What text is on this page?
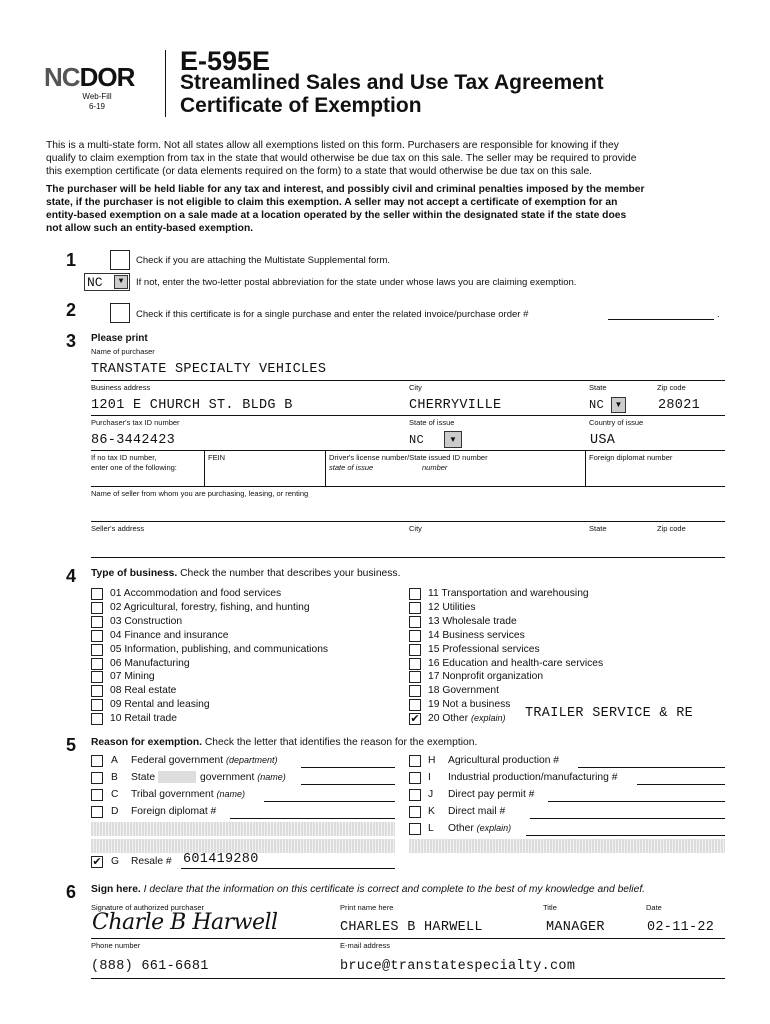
NCDOR
Web-Fill
6-19
E-595E
Streamlined Sales and Use Tax Agreement
Certificate of Exemption
This is a multi-state form. Not all states allow all exemptions listed on this form. Purchasers are responsible for knowing if they
qualify to claim exemption from tax in the state that would otherwise be due tax on this sale. The seller may be required to provide
this exemption certificate (or data elements required on the form) to a state that would otherwise be due tax on this sale.
The purchaser will be held liable for any tax and interest, and possibly civil and criminal penalties imposed by the member
state, if the purchaser is not eligible to claim this exemption. A seller may not accept a certificate of exemption for an
entity-based exemption on a sale made at a location operated by the seller within the designated state if the state does
not allow such an entity-based exemption.
1	Check if you are attaching the Multistate Supplemental form.
NC	▼	If not, enter the two-letter postal abbreviation for the state under whose laws you are claiming exemption.
2	Check if this certificate is for a single purchase and enter the related invoice/purchase order #	.
3 Please print
Name of purchaser
TRANSTATE SPECIALTY VEHICLES
Business address	City	State	Zip code
1201 E CHURCH ST. BLDG B	CHERRYVILLE	NC	▼	28021
Purchaser's tax ID number	State of issue	Country of issue
86-3442423	NC	▼	USA
If no tax ID number,
enter one of the following:
FEIN	Driver's license number/State issued ID number
state of issue	number
Foreign diplomat number
Name of seller from whom you are purchasing, leasing, or renting
Seller's address	City	State	Zip code
4 Type of business. Check the number that describes your business.
01 Accommodation and food services
02 Agricultural, forestry, fishing, and hunting
03 Construction
04 Finance and insurance
05 Information, publishing, and communications
06 Manufacturing
07 Mining
08 Real estate
09 Rental and leasing
10 Retail trade
11 Transportation and warehousing
12 Utilities
13 Wholesale trade
14 Business services
15 Professional services
16 Education and health-care services
17 Nonprofit organization
18 Government
19 Not a business
✔ 20 Other (explain) TRAILER SERVICE & RE
5 Reason for exemption. Check the letter that identifies the reason for the exemption.
A Federal government (department)
B State	government (name)
C Tribal government (name)
D Foreign diplomat #
✔ G Resale # 601419280
H Agricultural production #
I Industrial production/manufacturing #
J Direct pay permit #
K Direct mail #
L Other (explain)
6 Sign here. I declare that the information on this certificate is correct and complete to the best of my knowledge and belief.
Signature of authorized purchaser	Print name here	Title	Date
Charle B Harwell	CHARLES B HARWELL	MANAGER	02-11-22
Phone number	E-mail address
(888) 661-6681	bruce@transtatespecialty.com
